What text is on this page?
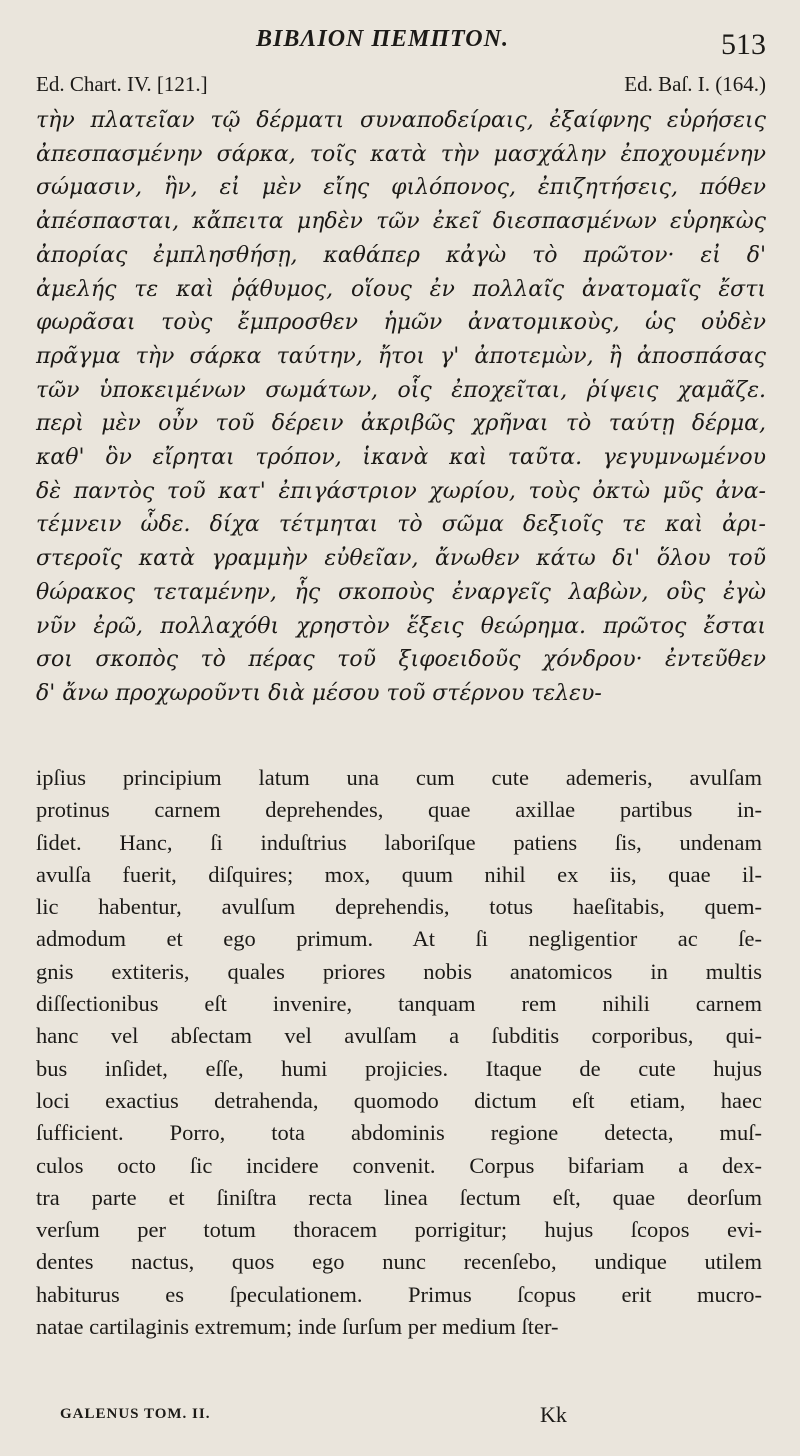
ΒΙΒΛΙΟΝ ΠΕΜΠΤΟΝ.	513
Ed. Chart. IV. [121.]	Ed. Baſ. I. (164.)
τὴν πλατεῖαν τῷ δέρματι συναποδείραις, ἐξαίφνης εὑρήσεις
ἀπεσπασμένην σάρκα, τοῖς κατὰ τὴν μασχάλην ἐποχουμένην
σώμασιν, ἣν, εἰ μὲν εἴης φιλόπονος, ἐπιζητήσεις, πόθεν
ἀπέσπασται, κἄπειτα μηδὲν τῶν ἐκεῖ διεσπασμένων εὑρηκὼς
ἀπορίας ἐμπλησθήσῃ, καθάπερ κἀγὼ τὸ πρῶτον· εἰ δ'
ἀμελής τε καὶ ῥᾴθυμος, οἵους ἐν πολλαῖς ἀνατομαῖς ἔστι
φωρᾶσαι τοὺς ἔμπροσθεν ἡμῶν ἀνατομικοὺς, ὡς οὐδὲν
πρᾶγμα τὴν σάρκα ταύτην, ἤτοι γ' ἀποτεμὼν, ἢ ἀποσπάσας
τῶν ὑποκειμένων σωμάτων, οἷς ἐποχεῖται, ῥίψεις χαμᾶζε.
περὶ μὲν οὖν τοῦ δέρειν ἀκριβῶς χρῆναι τὸ ταύτῃ δέρμα,
καθ' ὃν εἴρηται τρόπον, ἱκανὰ καὶ ταῦτα. γεγυμνωμένου
δὲ παντὸς τοῦ κατ' ἐπιγάστριον χωρίου, τοὺς ὀκτὼ μῦς ἀνα-
τέμνειν ὧδε. δίχα τέτμηται τὸ σῶμα δεξιοῖς τε καὶ ἀρι-
στεροῖς κατὰ γραμμὴν εὐθεῖαν, ἄνωθεν κάτω δι' ὅλου τοῦ
θώρακος τεταμένην, ἧς σκοποὺς ἐναργεῖς λαβὼν, οὓς ἐγὼ
νῦν ἐρῶ, πολλαχόθι χρηστὸν ἕξεις θεώρημα. πρῶτος ἔσται
σοι σκοπὸς τὸ πέρας τοῦ ξιφοειδοῦς χόνδρου· ἐντεῦθεν
δ' ἄνω προχωροῦντι διὰ μέσου τοῦ στέρνου τελευ-
ipſius principium latum una cum cute ademeris, avulſam
protinus carnem deprehendes, quae axillae partibus in-
ſidet. Hanc, ſi induſtrius laboriſque patiens ſis, undenam
avulſa fuerit, diſquires; mox, quum nihil ex iis, quae il-
lic habentur, avulſum deprehendis, totus haeſitabis, quem-
admodum et ego primum. At ſi negligentior ac ſe-
gnis extiteris, quales priores nobis anatomicos in multis
diſſectionibus eſt invenire, tanquam rem nihili carnem
hanc vel abſectam vel avulſam a ſubditis corporibus, qui-
bus inſidet, eſſe, humi projicies. Itaque de cute hujus
loci exactius detrahenda, quomodo dictum eſt etiam, haec
ſufficient. Porro, tota abdominis regione detecta, muſ-
culos octo ſic incidere convenit. Corpus bifariam a dex-
tra parte et ſiniſtra recta linea ſectum eſt, quae deorſum
verſum per totum thoracem porrigitur; hujus ſcopos evi-
dentes nactus, quos ego nunc recenſebo, undique utilem
habiturus es ſpeculationem. Primus ſcopus erit mucro-
natae cartilaginis extremum; inde ſurſum per medium ſter-
GALENUS TOM. II.	Kk
